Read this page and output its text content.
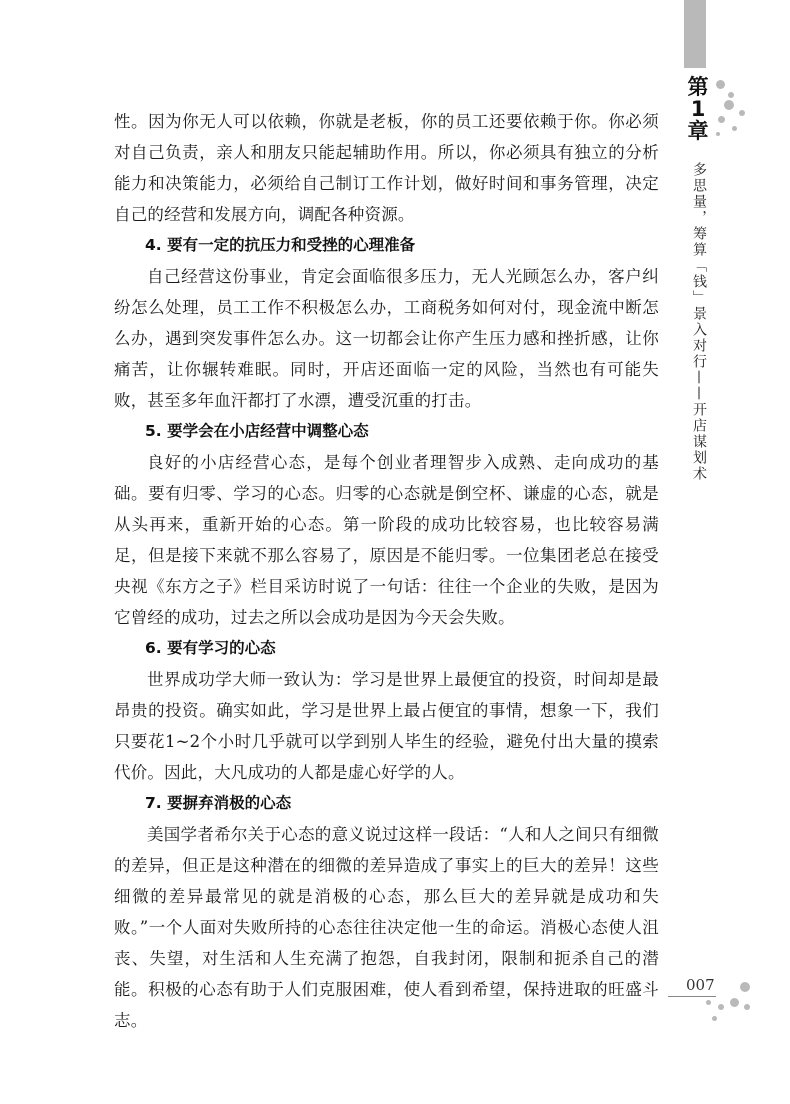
第
1
章
多思量，筹算「钱」景入对行——开店谋划术
007

性。因为你无人可以依赖，你就是老板，你的员工还要依赖于你。你必须对自己负责，亲人和朋友只能起辅助作用。所以，你必须具有独立的分析能力和决策能力，必须给自己制订工作计划，做好时间和事务管理，决定自己的经营和发展方向，调配各种资源。

4. 要有一定的抗压力和受挫的心理准备

自己经营这份事业，肯定会面临很多压力，无人光顾怎么办，客户纠纷怎么处理，员工工作不积极怎么办，工商税务如何对付，现金流中断怎么办，遇到突发事件怎么办。这一切都会让你产生压力感和挫折感，让你痛苦，让你辗转难眠。同时，开店还面临一定的风险，当然也有可能失败，甚至多年血汗都打了水漂，遭受沉重的打击。

5. 要学会在小店经营中调整心态

良好的小店经营心态，是每个创业者理智步入成熟、走向成功的基础。要有归零、学习的心态。归零的心态就是倒空杯、谦虚的心态，就是从头再来，重新开始的心态。第一阶段的成功比较容易，也比较容易满足，但是接下来就不那么容易了，原因是不能归零。一位集团老总在接受央视《东方之子》栏目采访时说了一句话：往往一个企业的失败，是因为它曾经的成功，过去之所以会成功是因为今天会失败。

6. 要有学习的心态

世界成功学大师一致认为：学习是世界上最便宜的投资，时间却是最昂贵的投资。确实如此，学习是世界上最占便宜的事情，想象一下，我们只要花1~2个小时几乎就可以学到别人毕生的经验，避免付出大量的摸索代价。因此，大凡成功的人都是虚心好学的人。

7. 要摒弃消极的心态

美国学者希尔关于心态的意义说过这样一段话：“人和人之间只有细微的差异，但正是这种潜在的细微的差异造成了事实上的巨大的差异！这些细微的差异最常见的就是消极的心态，那么巨大的差异就是成功和失败。”一个人面对失败所持的心态往往决定他一生的命运。消极心态使人沮丧、失望，对生活和人生充满了抱怨，自我封闭，限制和扼杀自己的潜能。积极的心态有助于人们克服困难，使人看到希望，保持进取的旺盛斗志。
